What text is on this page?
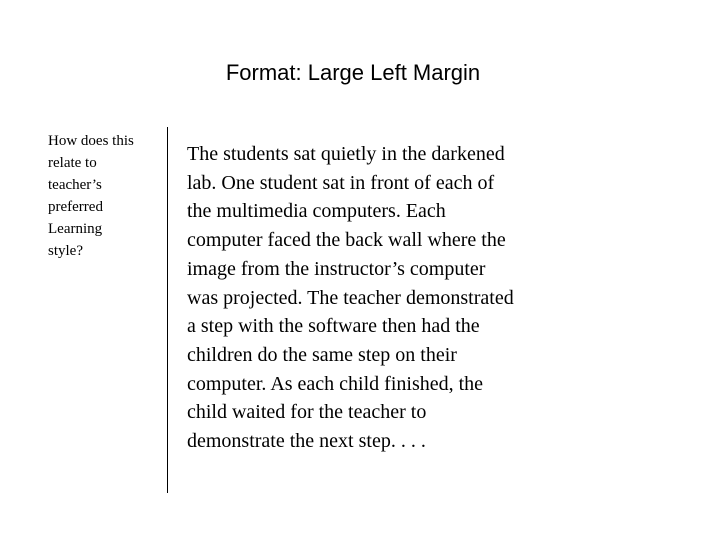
Format: Large Left Margin
How does this
relate to
teacher’s
preferred
Learning
style?
The students sat quietly in the darkened
lab. One student sat in front of each of
the multimedia computers. Each
computer faced the back wall where the
image from the instructor’s computer
was projected. The teacher demonstrated
a step with the software then had the
children do the same step on their
computer. As each child finished, the
child waited for the teacher to
demonstrate the next step. . . .
